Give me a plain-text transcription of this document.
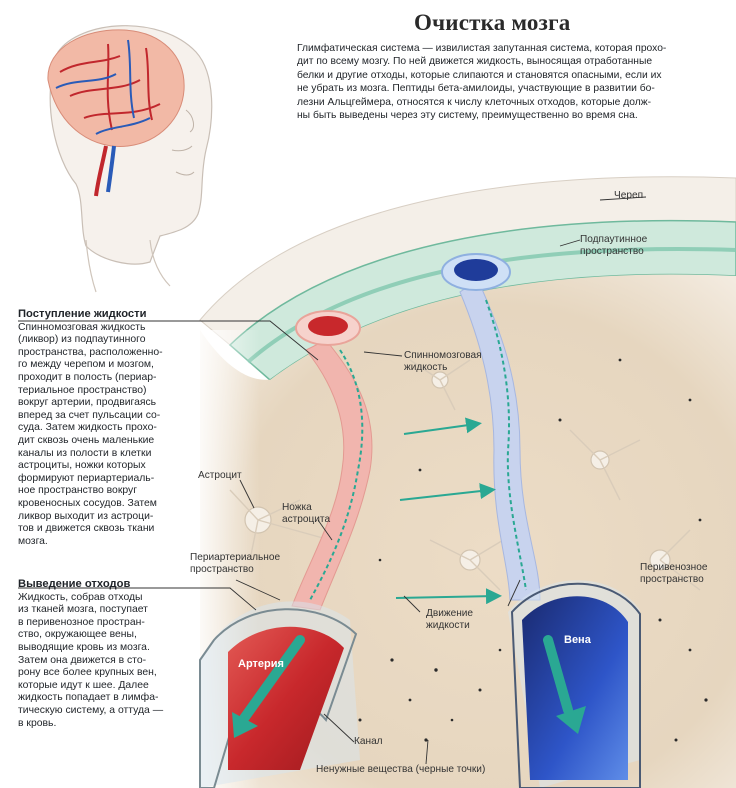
Очистка мозга
Глимфатическая система — извилистая запутанная система, которая прохо-
дит по всему мозгу. По ней движется жидкость, выносящая отработанные
белки и другие отходы, которые слипаются и становятся опасными, если их
не убрать из мозга. Пептиды бета-амилоиды, участвующие в развитии бо-
лезни Альцгеймера, относятся к числу клеточных отходов, которые долж-
ны быть выведены через эту систему, преимущественно во время сна.
Поступление жидкости
Спинномозговая жидкость
(ликвор) из подпаутинного
пространства, расположенно-
го между черепом и мозгом,
проходит в полость (периар-
териальное пространство)
вокруг артерии, продвигаясь
вперед за счет пульсации со-
суда. Затем жидкость прохо-
дит сквозь очень маленькие
каналы из полости в клетки
астроциты, ножки которых
формируют периартериаль-
ное пространство вокруг
кровеносных сосудов. Затем
ликвор выходит из астроци-
тов и движется сквозь ткани
мозга.
Выведение отходов
Жидкость, собрав отходы
из тканей мозга, поступает
в перивенозное простран-
ство, окружающее вены,
выводящие кровь из мозга.
Затем она движется в сто-
рону все более крупных вен,
которые идут к шее. Далее
жидкость попадает в лимфа-
тическую систему, а оттуда —
в кровь.
Череп
Подпаутинное
пространство
Спинномозговая
жидкость
Астроцит
Ножка
астроцита
Периартериальное
пространство	Перивенозное
пространство
Движение
жидкости
Артерия
Вена
Канал
Ненужные вещества (черные точки)
